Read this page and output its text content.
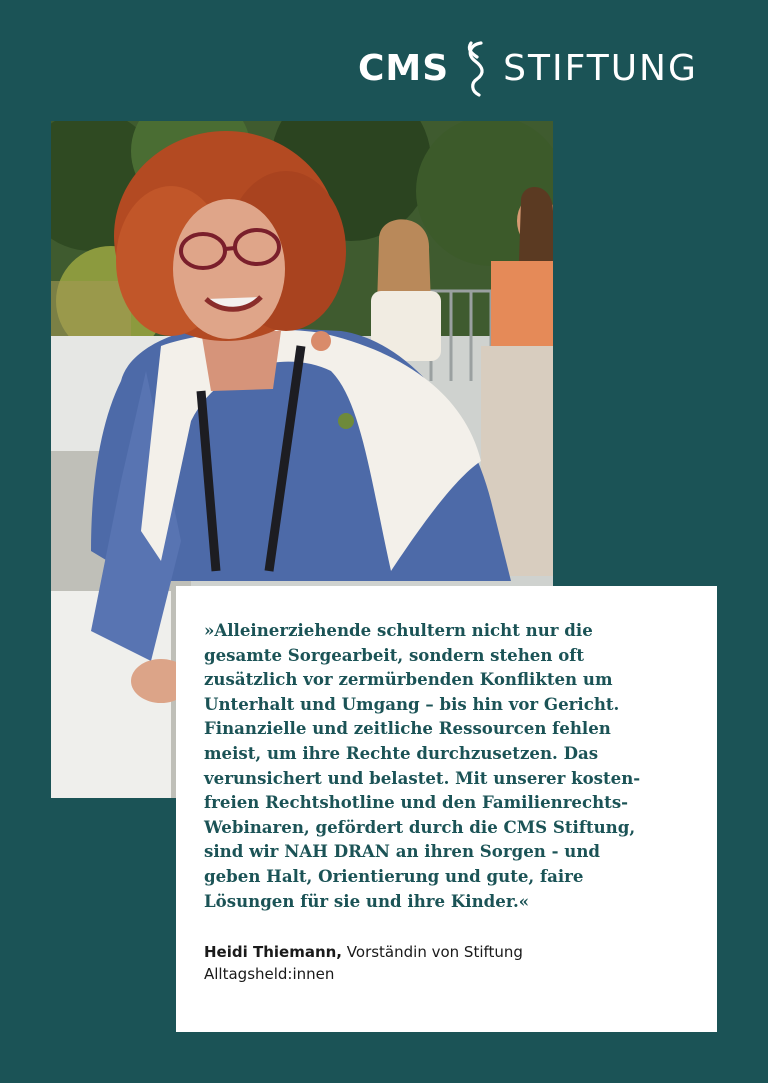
CMS STIFTUNG

»Alleinerziehende schultern nicht nur die
gesamte Sorgearbeit, sondern stehen oft
zusätzlich vor zermürbenden Konflikten um
Unterhalt und Umgang – bis hin vor Gericht.
Finanzielle und zeitliche Ressourcen fehlen
meist, um ihre Rechte durchzusetzen. Das
verunsichert und belastet. Mit unserer kosten-
freien Rechtshotline und den Familienrechts-
Webinaren, gefördert durch die CMS Stiftung,
sind wir NAH DRAN an ihren Sorgen - und
geben Halt, Orientierung und gute, faire
Lösungen für sie und ihre Kinder.«

Heidi Thiemann, Vorständin von Stiftung
Alltagsheld:innen
